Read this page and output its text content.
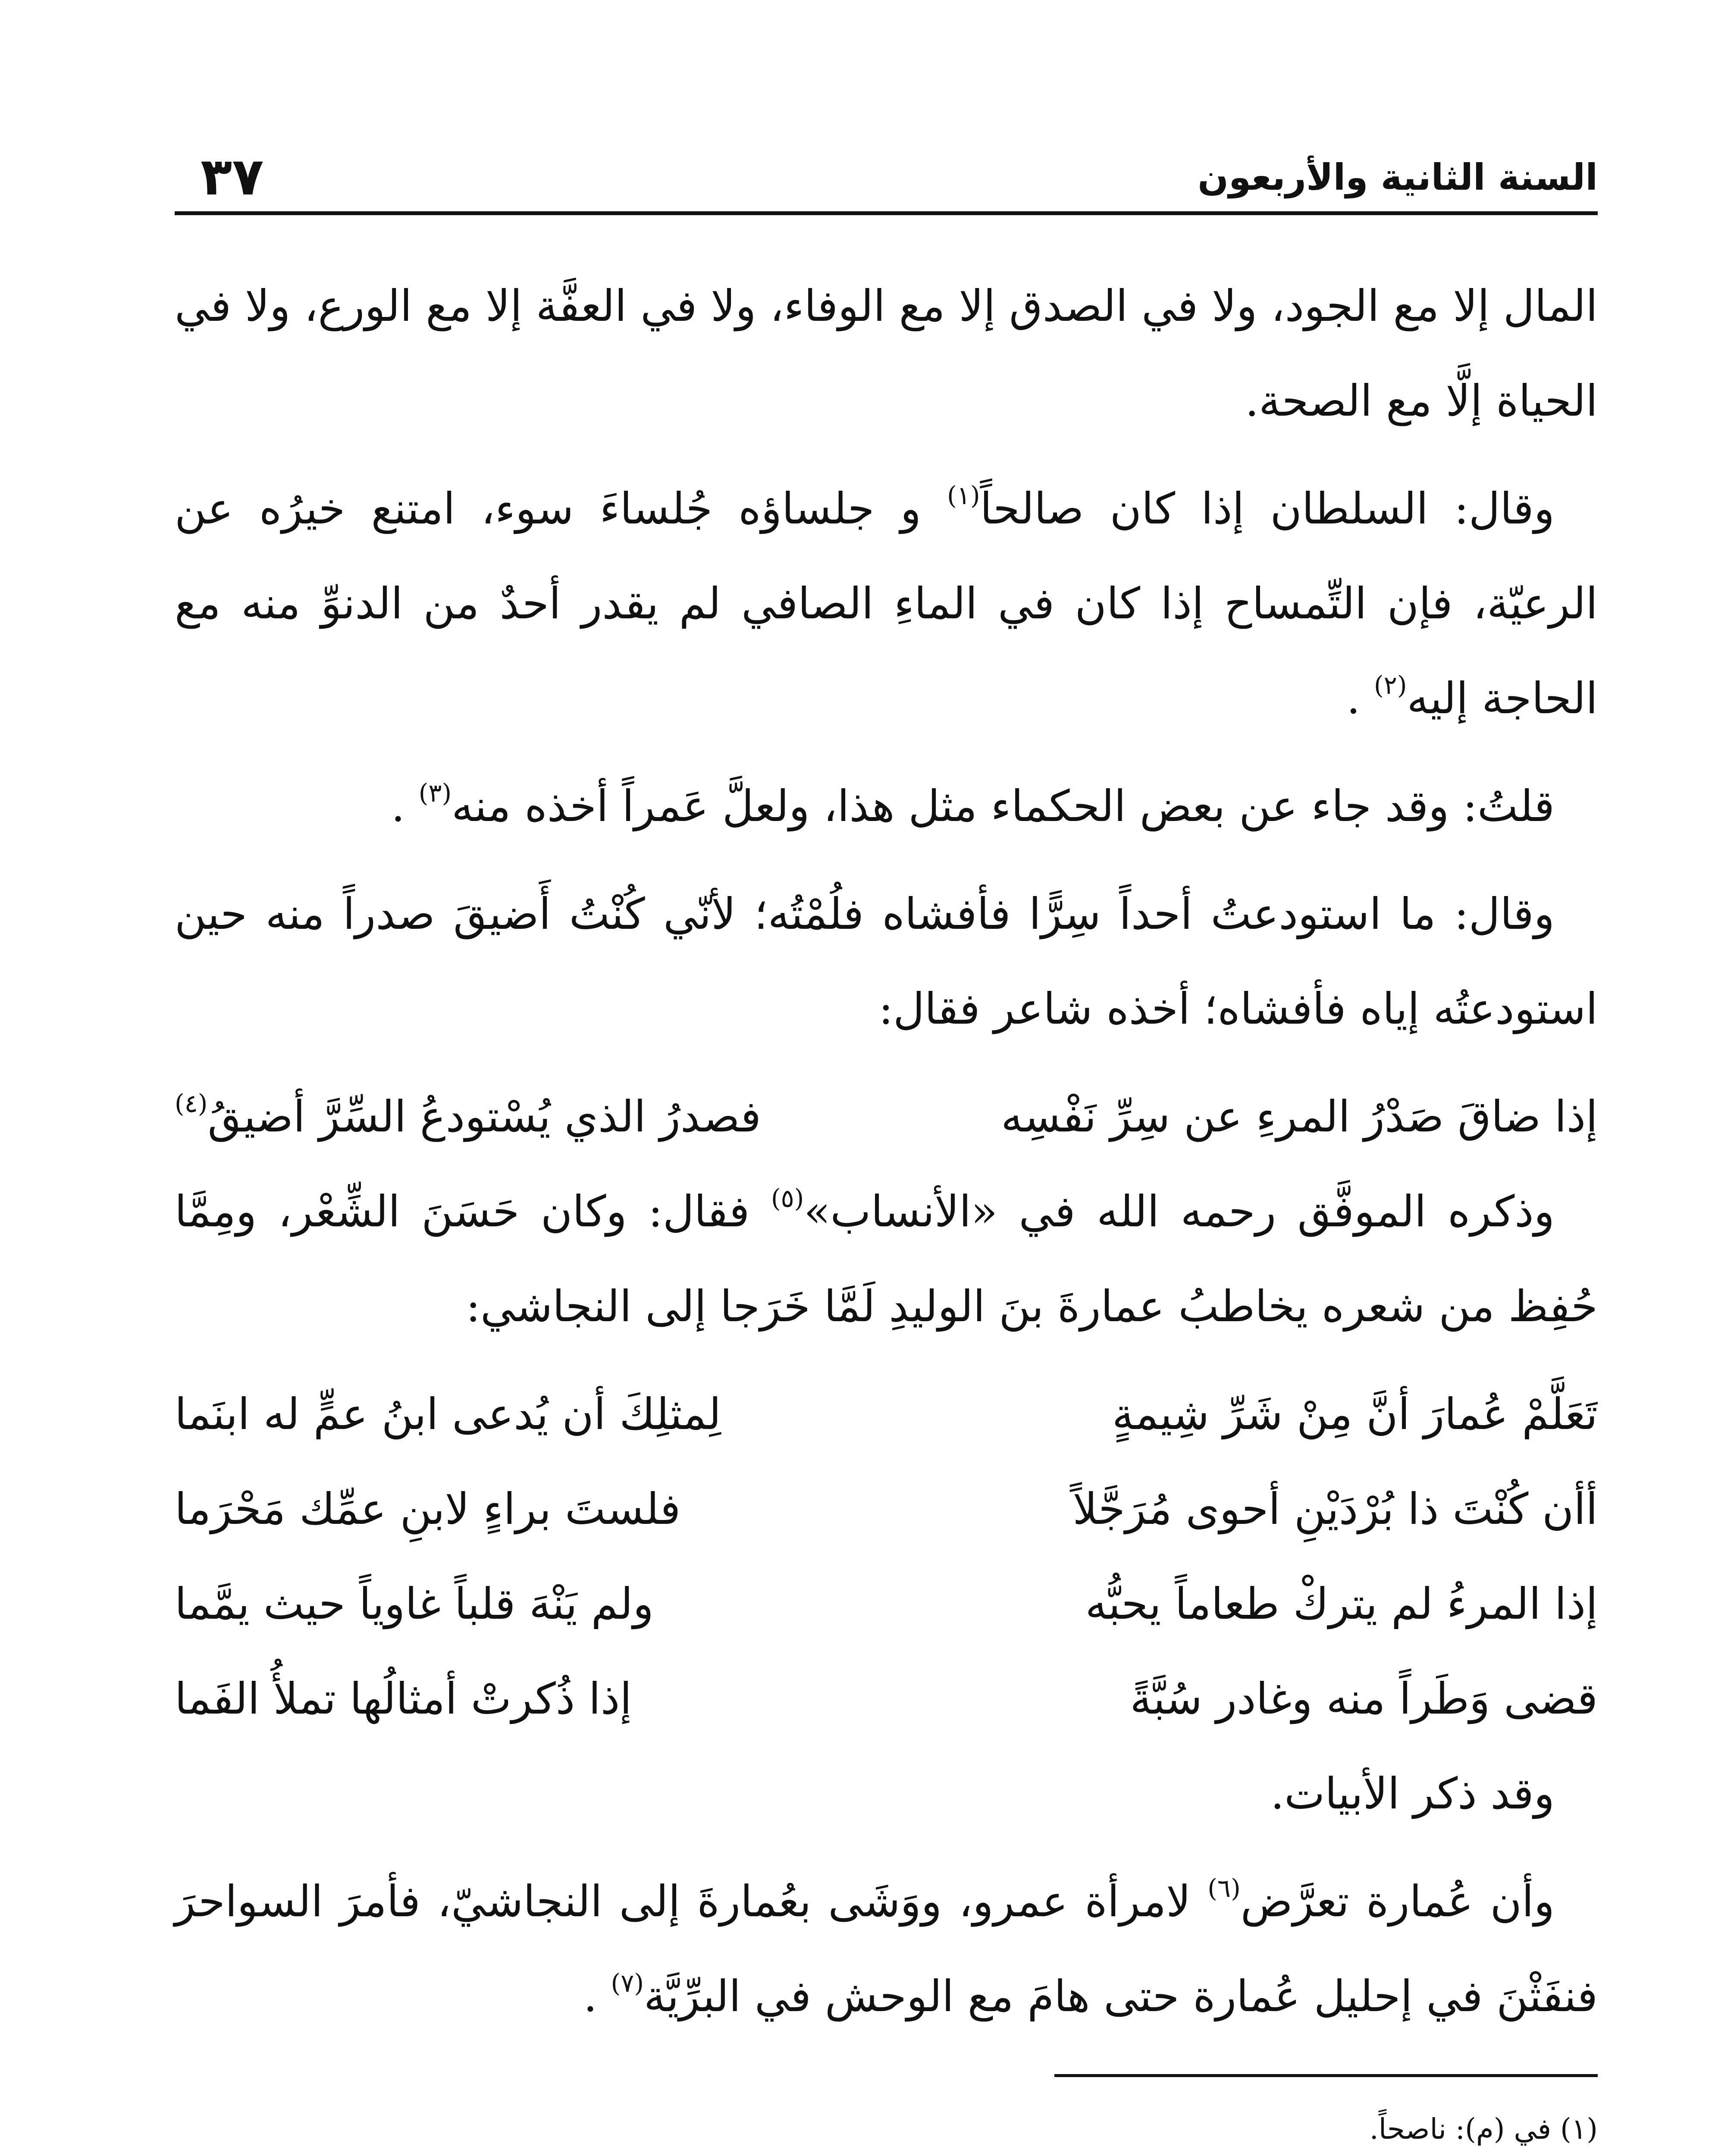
السنة الثانية والأربعون
٣٧

المال إلا مع الجود، ولا في الصدق إلا مع الوفاء، ولا في العفَّة إلا مع الورع، ولا في الحياة إلَّا مع الصحة.

وقال: السلطان إذا كان صالحاً$^{(١)}$ و جلساؤه جُلساءَ سوء، امتنع خيرُه عن الرعيّة، فإن التِّمساح إذا كان في الماءِ الصافي لم يقدر أحدٌ من الدنوِّ منه مع الحاجة إليه$^{(٢)}$ .

قلتُ: وقد جاء عن بعض الحكماء مثل هذا، ولعلَّ عَمراً أخذه منه$^{(٣)}$ .

وقال: ما استودعتُ أحداً سِرًّا فأفشاه فلُمْتُه؛ لأنّي كُنْتُ أَضيقَ صدراً منه حين استودعتُه إياه فأفشاه؛ أخذه شاعر فقال:

إذا ضاقَ صَدْرُ المرءِ عن سِرِّ نَفْسِه
فصدرُ الذي يُسْتودعُ السِّرَّ أضيقُ$^{(٤)}$

وذكره الموفَّق رحمه الله في «الأنساب»$^{(٥)}$ فقال: وكان حَسَنَ الشِّعْر، ومِمَّا حُفِظ من شعره يخاطبُ عمارةَ بنَ الوليدِ لَمَّا خَرَجا إلى النجاشي:

تَعَلَّمْ عُمارَ أنَّ مِنْ شَرِّ شِيمةٍ
لِمثلِكَ أن يُدعى ابنُ عمٍّ له ابنَما
أأن كُنْتَ ذا بُرْدَيْنِ أحوى مُرَجَّلاً
فلستَ براءٍ لابنِ عمِّك مَحْرَما
إذا المرءُ لم يتركْ طعاماً يحبُّه
ولم يَنْهَ قلباً غاوياً حيث يمَّما
قضى وَطَراً منه وغادر سُبَّةً
إذا ذُكرتْ أمثالُها تملأُ الفَما

وقد ذكر الأبيات.

وأن عُمارة تعرَّض$^{(٦)}$ لامرأة عمرو، ووَشَى بعُمارةَ إلى النجاشيّ، فأمرَ السواحرَ فنفَثْنَ في إحليل عُمارة حتى هامَ مع الوحش في البرِّيَّة$^{(٧)}$ .

(١) في (م): ناصحاً.
